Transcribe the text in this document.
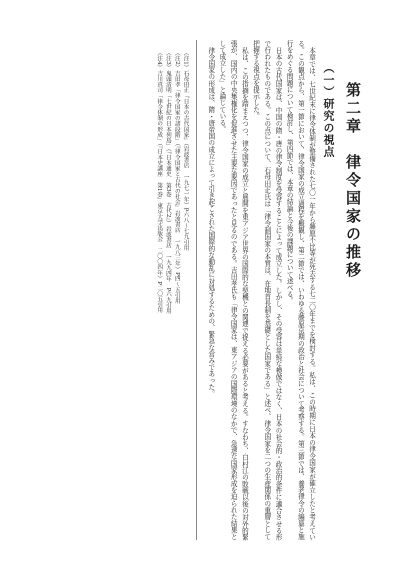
第二章　律令国家の推移
（一）研究の視点

本章では、七世紀末に律令体制が整備された七〇一年から藤原不比等が死去する七二〇年までを検討する。私は、この時期に日本の律令国家が確立したと考えている。この観点から、第一節において、律令国家の成立過程を概観し、第二節では、いわゆる藤原京期の政治と社会について考察する。第三節では、養老律令の編纂と施行をめぐる問題について検討し、第四節では、本章の結論と今後の課題について述べる。

日本の古代国家は、中国の隋・唐の律令制度を受容することによって成立した。しかし、その受容は単純な模倣ではなく、日本の社会的・政治的条件に適合させる形で行われたものである。この点について、石母田正氏は「律令制国家の本質は、在地首長制を基礎とした国家である」と述べ、律令国家を二つの生産関係の重層として把握する視点を提示した。

私は、この指摘を踏まえつつ、律令国家の成立と展開を東アジア世界の国際的な契機との関連で捉える必要があると考える。すなわち、白村江の敗戦以後の対外的緊張が、国内の中央集権化を促進させた主要な要因であったと見るのである。吉田孝氏も「律令国家は、東アジアの国際環境のなかで、急速な国家形成を迫られた結果として成立した」と論じている。

律令国家の形成は、隋・唐帝国の成立によって引き起こされた国際的な動乱に対処するための、緊急な営みであった。

（注1）石母田正『日本の古代国家』（岩波書店　一九七一年）P六八〜七九引用

（注2）吉田孝「律令国家の諸段階」（『律令国家と古代の社会』岩波書店　一九八三年）P四〜五引用

（注3）鬼頭清明「七世紀の日本列島」（『日本通史　第3巻　古代2』）岩波書店　一九九四年　P六九引用

（注4）吉川真司「律令体制の形成」（『日本史講座　第1巻』東京大学出版会　二〇〇四年）P二〇五引用
